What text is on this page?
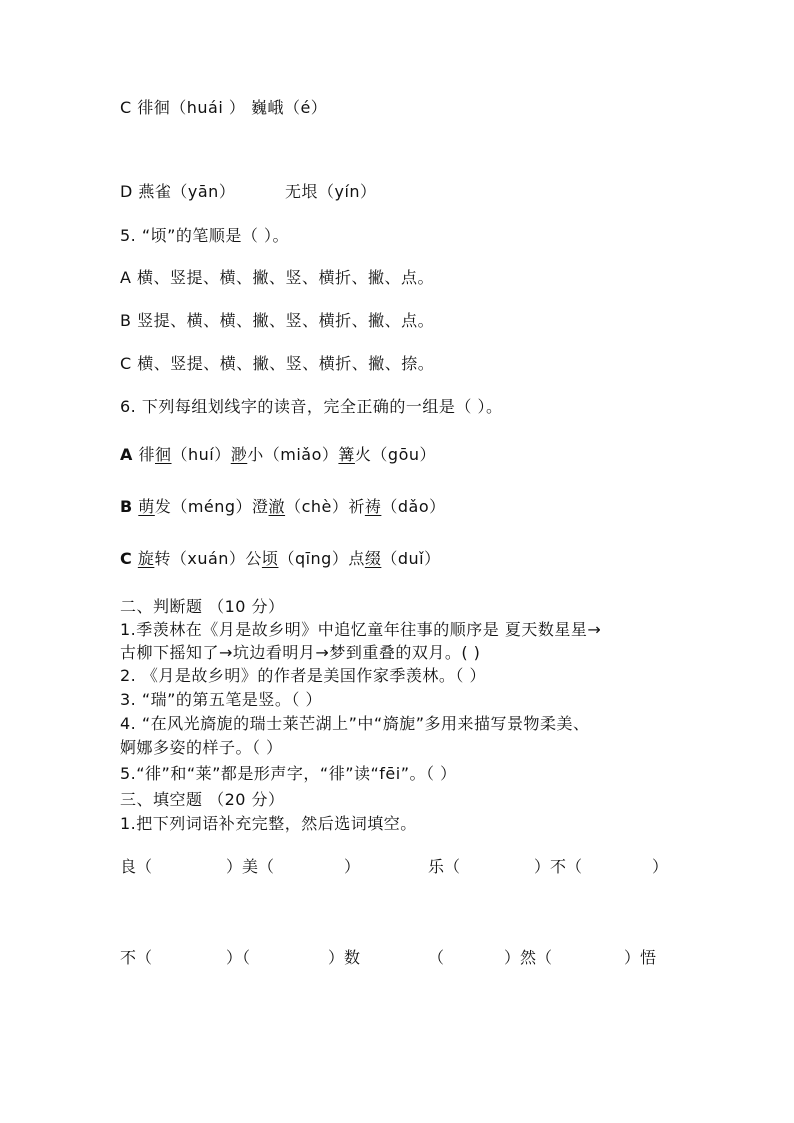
C 徘徊（huái ） 巍峨（é）
D 燕雀（yān）	无垠（yín）
5. “顷”的笔顺是（ ）。
A 横、竖提、横、撇、竖、横折、撇、点。
B 竖提、横、横、撇、竖、横折、撇、点。
C 横、竖提、横、撇、竖、横折、撇、捺。
6. 下列每组划线字的读音，完全正确的一组是（ ）。
A 徘徊（huí）渺小（miǎo）篝火（gōu）
B 萌发（méng）澄澈（chè）祈祷（dǎo）
C 旋转（xuán）公顷（qīng）点缀（duǐ）
二、判断题 （10 分）
1.季羡林在《月是故乡明》中追忆童年往事的顺序是 夏天数星星→
古柳下摇知了→坑边看明月→梦到重叠的双月。( )
2. 《月是故乡明》的作者是美国作家季羡林。（ ）
3. “瑞”的第五笔是竖。（ ）
4. “在风光旖旎的瑞士莱芒湖上”中“旖旎”多用来描写景物柔美、
婀娜多姿的样子。（ ）
5.“徘”和“莱”都是形声字，“徘”读“fēi”。（ ）
三、填空题 （20 分）
1.把下列词语补充完整，然后选词填空。
良（	）美（	）	乐（	）不（	）
不（	）（	）数	（	）然（	）悟
